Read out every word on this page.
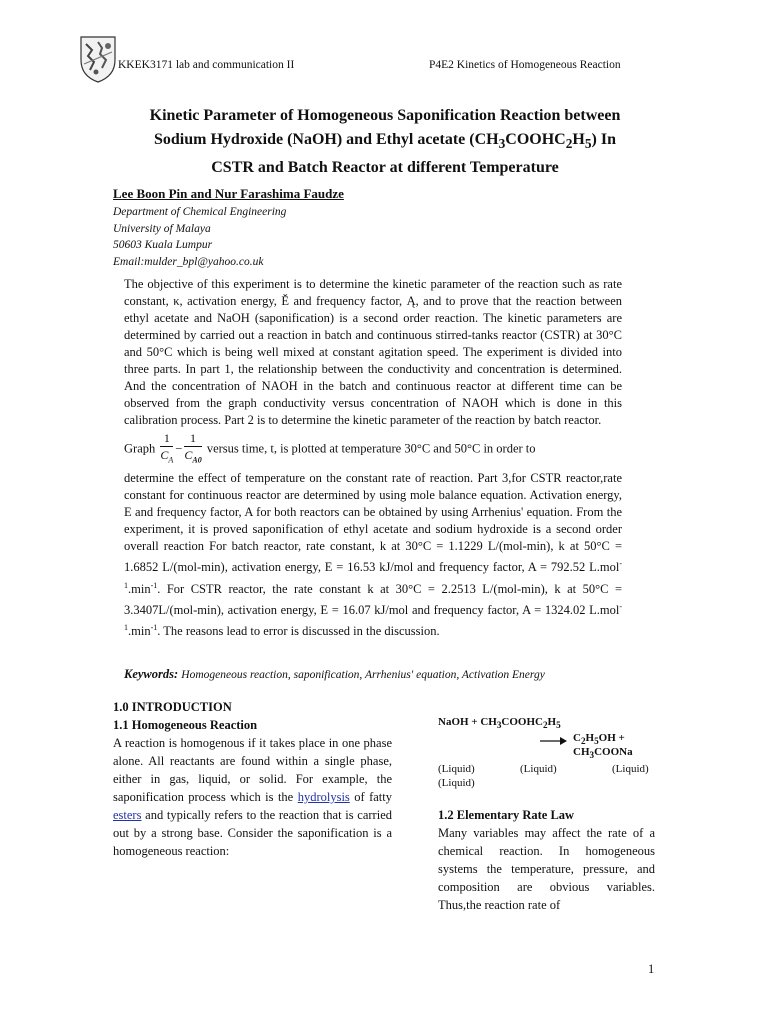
KKEK3171 lab and communication II	P4E2 Kinetics of Homogeneous Reaction
Kinetic Parameter of Homogeneous Saponification Reaction between
Sodium Hydroxide (NaOH) and Ethyl acetate $(CH_3COOHC_2H_5)$ In
CSTR and Batch Reactor at different Temperature
Lee Boon Pin and Nur Farashima Faudze
Department of Chemical Engineering
University of Malaya
50603 Kuala Lumpur
Email:mulder_bpl@yahoo.co.uk

The objective of this experiment is to determine the kinetic parameter of the reaction such as rate constant, κ, activation energy, Ě and frequency factor, Ą, and to prove that the reaction between ethyl acetate and NaOH (saponification) is a second order reaction. The kinetic parameters are determined by carried out a reaction in batch and continuous stirred-tanks reactor (CSTR) at 30°C and 50°C which is being well mixed at constant agitation speed. The experiment is divided into three parts. In part 1, the relationship between the conductivity and concentration is determined. And the concentration of NAOH in the batch and continuous reactor at different time can be observed from the graph conductivity versus concentration of NAOH which is done in this calibration process. Part 2 is to determine the kinetic parameter of the reaction by batch reactor.

Graph $\frac{1}{C_A} - \frac{1}{C_{A0}}$ versus time, t, is plotted at temperature 30°C and 50°C in order to

determine the effect of temperature on the constant rate of reaction. Part 3,for CSTR reactor,rate constant for continuous reactor are determined by using mole balance equation. Activation energy, E and frequency factor, A for both reactors can be obtained by using Arrhenius' equation. From the experiment, it is proved saponification of ethyl acetate and sodium hydroxide is a second order overall reaction For batch reactor, rate constant, k at 30°C = 1.1229 L/(mol-min), k at 50°C = 1.6852 L/(mol-min), activation energy, E = 16.53 kJ/mol and frequency factor, A = 792.52 $L.mol^{-1}.\min^{-1}$. For CSTR reactor, the rate constant k at 30°C = 2.2513 L/(mol-min), k at 50°C = 3.3407L/(mol-min), activation energy, E = 16.07 kJ/mol and frequency factor, A = 1324.02 $L.mol^{-1}.\min^{-1}$. The reasons lead to error is discussed in the discussion.

Keywords: Homogeneous reaction, saponification, Arrhenius' equation, Activation Energy
1.0 INTRODUCTION
1.1 Homogeneous Reaction
A reaction is homogenous if it takes place in one phase alone. All reactants are found within a single phase, either in gas, liquid, or solid. For example, the saponification process which is the hydrolysis of fatty esters and typically refers to the reaction that is carried out by a strong base. Consider the saponification is a homogeneous reaction:
NaOH + $CH_3COOHC_2H_5$
→ $C_2H_5OH$ +
$CH_3COONa$
(Liquid)	(Liquid)	(Liquid)
(Liquid)
1.2 Elementary Rate Law
Many variables may affect the rate of a chemical reaction. In homogeneous systems the temperature, pressure, and composition are obvious variables. Thus,the reaction rate of
1
